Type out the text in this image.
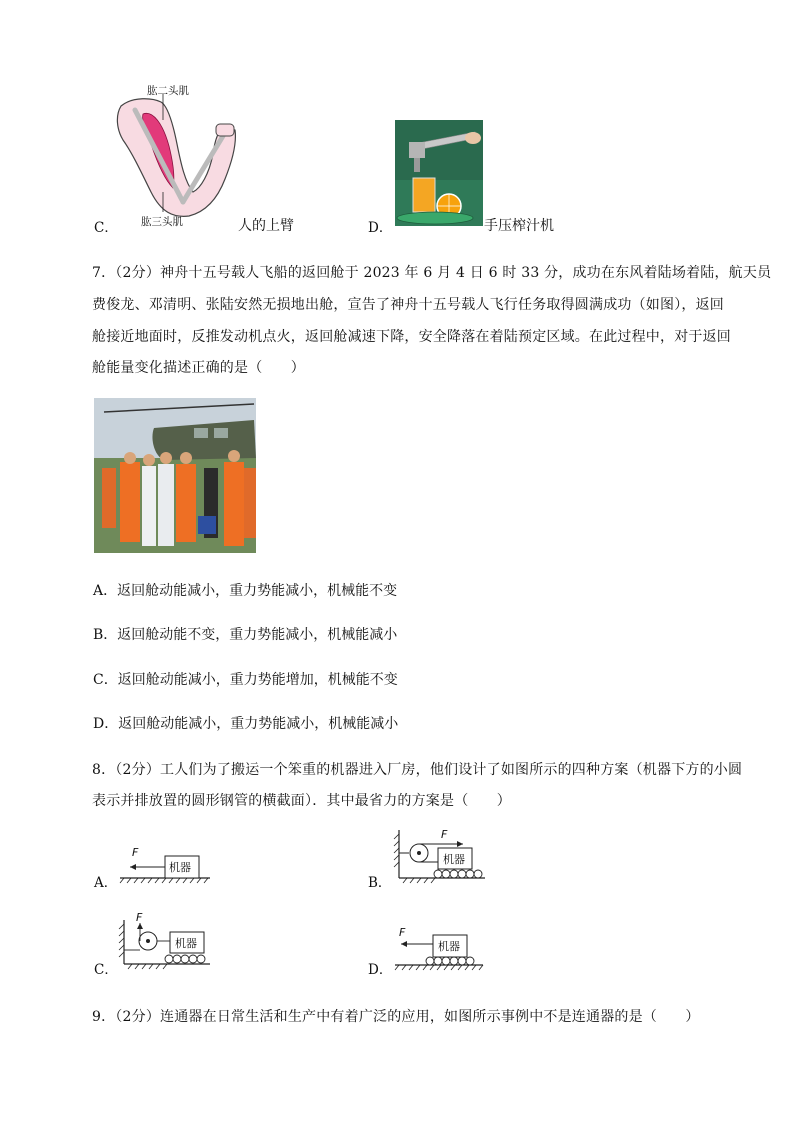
C．
肱二头肌
肱三头肌	人的上臂	D．	手压榨汁机
7．（2分）神舟十五号载人飞船的返回舱于 2023 年 6 月 4 日 6 时 33 分，成功在东风着陆场着陆，航天员
费俊龙、邓清明、张陆安然无损地出舱，宣告了神舟十五号载人飞行任务取得圆满成功（如图），返回
舱接近地面时，反推发动机点火，返回舱减速下降，安全降落在着陆预定区域。在此过程中，对于返回
舱能量变化描述正确的是（　　）
A．返回舱动能减小，重力势能减小，机械能不变
B．返回舱动能不变，重力势能减小，机械能减小
C．返回舱动能减小，重力势能增加，机械能不变
D．返回舱动能减小，重力势能减小，机械能减小
8．（2分）工人们为了搬运一个笨重的机器进入厂房，他们设计了如图所示的四种方案（机器下方的小圆
表示并排放置的圆形钢管的横截面）．其中最省力的方案是（　　）
A．
机器
F
B．
F
机器
C．
F
机器
D．
机器
F
9．（2分）连通器在日常生活和生产中有着广泛的应用，如图所示事例中不是连通器的是（　　）
